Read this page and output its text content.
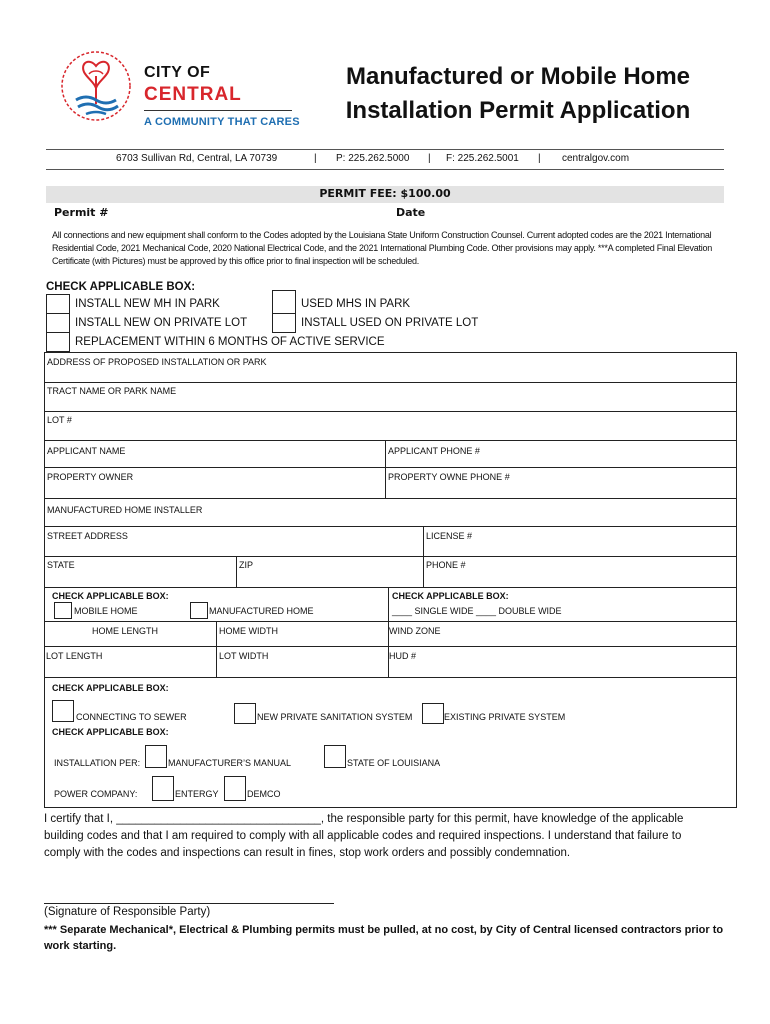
CITY OF
CENTRAL
A COMMUNITY THAT CARES
Manufactured or Mobile Home
Installation Permit Application
6703 Sullivan Rd, Central, LA 70739	| P: 225.262.5000 | F: 225.262.5001 | centralgov.com
PERMIT FEE: $100.00
Permit #	Date
All connections and new equipment shall conform to the Codes adopted by the Louisiana State Uniform Construction Counsel. Current adopted codes are the 2021 International Residential Code, 2021 Mechanical Code, 2020 National Electrical Code, and the 2021 International Plumbing Code. Other provisions may apply. ***A completed Final Elevation Certificate (with Pictures) must be approved by this office prior to final inspection will be scheduled.
CHECK APPLICABLE BOX:
INSTALL NEW MH IN PARK	USED MHS IN PARK
INSTALL NEW ON PRIVATE LOT	INSTALL USED ON PRIVATE LOT
REPLACEMENT WITHIN 6 MONTHS OF ACTIVE SERVICE
ADDRESS OF PROPOSED INSTALLATION OR PARK
TRACT NAME OR PARK NAME
LOT #
APPLICANT NAME	APPLICANT PHONE #
PROPERTY OWNER	PROPERTY OWNE PHONE #
MANUFACTURED HOME INSTALLER
STREET ADDRESS	LICENSE #
STATE	ZIP	PHONE #
CHECK APPLICABLE BOX:
MOBILE HOME	MANUFACTURED HOME
CHECK APPLICABLE BOX:
____ SINGLE WIDE ____ DOUBLE WIDE
HOME LENGTH	HOME WIDTH	WIND ZONE
LOT LENGTH	LOT WIDTH	HUD #
CHECK APPLICABLE BOX:
CONNECTING TO SEWER	NEW PRIVATE SANITATION SYSTEM	EXISTING PRIVATE SYSTEM
CHECK APPLICABLE BOX:
INSTALLATION PER:	MANUFACTURER’S MANUAL	STATE OF LOUISIANA
POWER COMPANY:	ENTERGY	DEMCO
I certify that I, ________________________________, the responsible party for this permit, have knowledge of the applicable building codes and that I am required to comply with all applicable codes and required inspections. I understand that failure to comply with the codes and inspections can result in fines, stop work orders and possibly condemnation.
(Signature of Responsible Party)
*** Separate Mechanical*, Electrical & Plumbing permits must be pulled, at no cost, by City of Central licensed contractors prior to work starting.
